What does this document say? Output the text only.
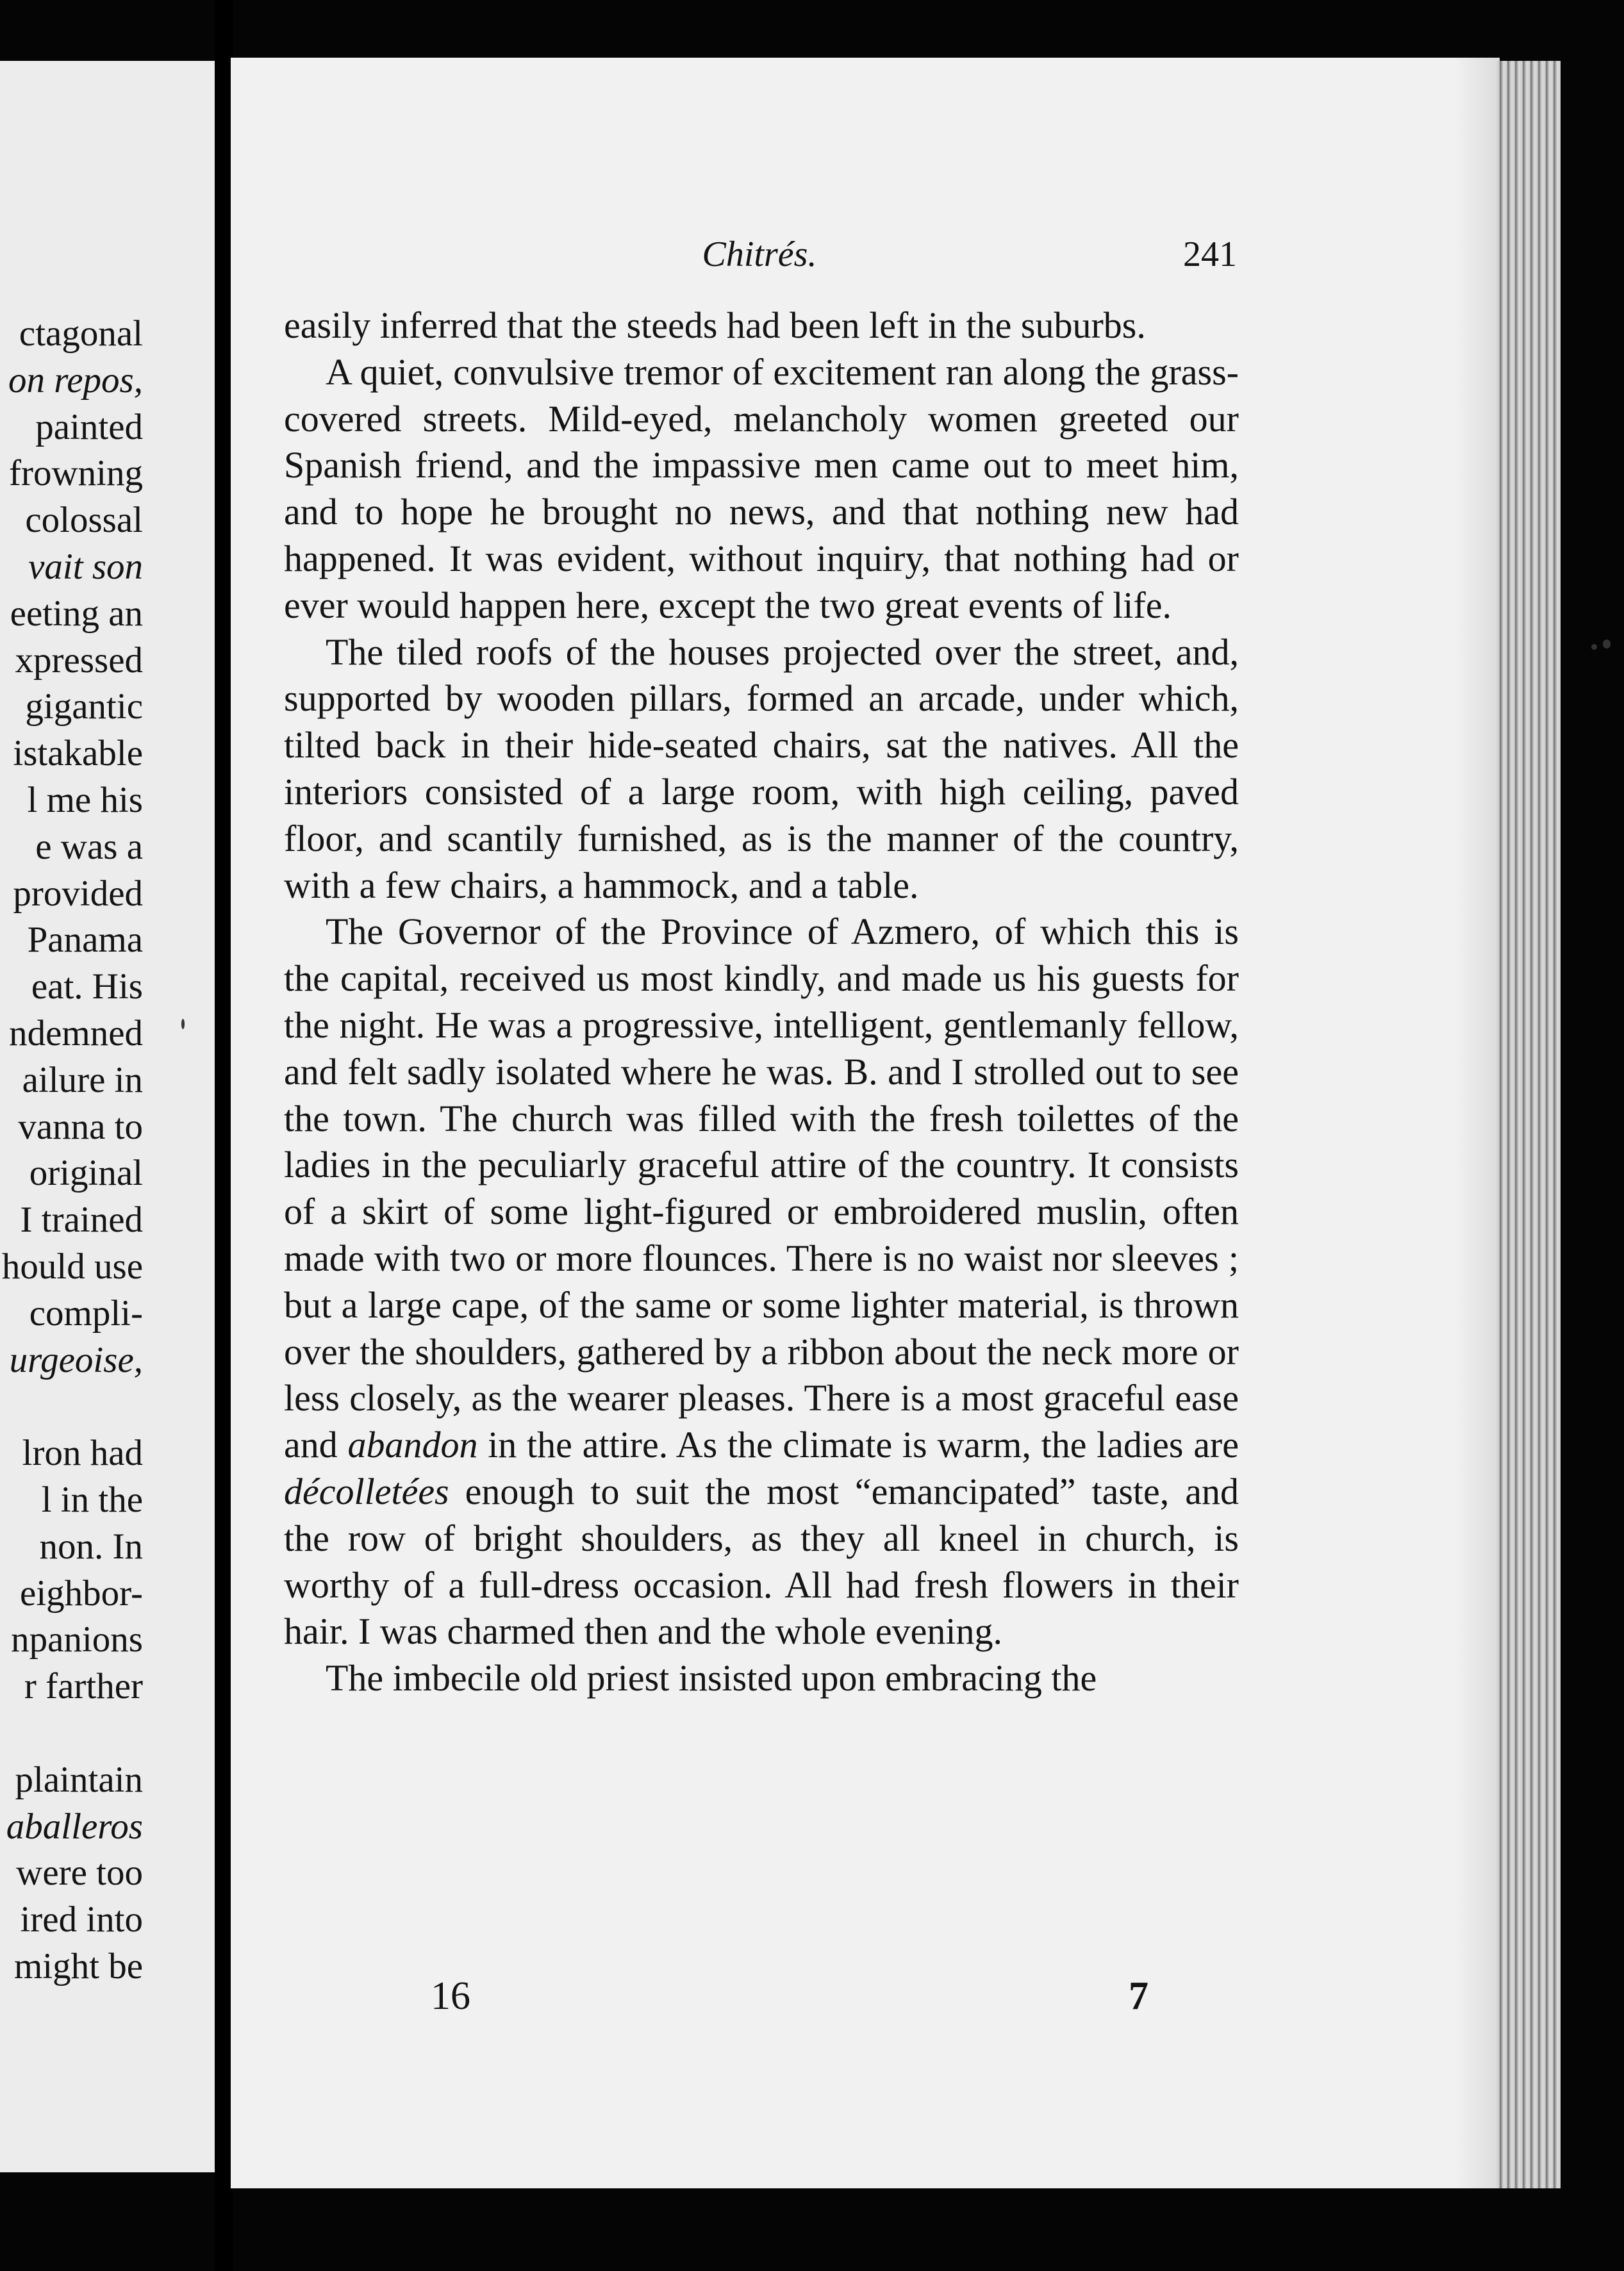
ctagonal
on repos,
painted
frowning
colossal
vait son
eeting an
xpressed
gigantic
istakable
l me his
e was a
provided
Panama
eat. His
ndemned
ailure in
vanna to
original
I trained
hould use
compli-
urgeoise,
lron had
l in the
non. In
eighbor-
npanions
r farther
plaintain
aballeros
were too
ired into
might be
Chitrés.	241

easily inferred that the steeds had been left in the suburbs.

A quiet, convulsive tremor of excitement ran along the grass-covered streets. Mild-eyed, melancholy women greeted our Spanish friend, and the impassive men came out to meet him, and to hope he brought no news, and that nothing new had happened. It was evident, without inquiry, that nothing had or ever would happen here, except the two great events of life.

The tiled roofs of the houses projected over the street, and, supported by wooden pillars, formed an arcade, under which, tilted back in their hide-seated chairs, sat the natives. All the interiors consisted of a large room, with high ceiling, paved floor, and scantily furnished, as is the manner of the country, with a few chairs, a hammock, and a table.

The Governor of the Province of Azmero, of which this is the capital, received us most kindly, and made us his guests for the night. He was a progressive, intelligent, gentlemanly fellow, and felt sadly isolated where he was. B. and I strolled out to see the town. The church was filled with the fresh toilettes of the ladies in the peculiarly graceful attire of the country. It consists of a skirt of some light-figured or embroidered muslin, often made with two or more flounces. There is no waist nor sleeves ; but a large cape, of the same or some lighter material, is thrown over the shoulders, gathered by a ribbon about the neck more or less closely, as the wearer pleases. There is a most graceful ease and abandon in the attire. As the climate is warm, the ladies are décolletées enough to suit the most “emancipated” taste, and the row of bright shoulders, as they all kneel in church, is worthy of a full-dress occasion. All had fresh flowers in their hair. I was charmed then and the whole evening.

The imbecile old priest insisted upon embracing the

16	7
